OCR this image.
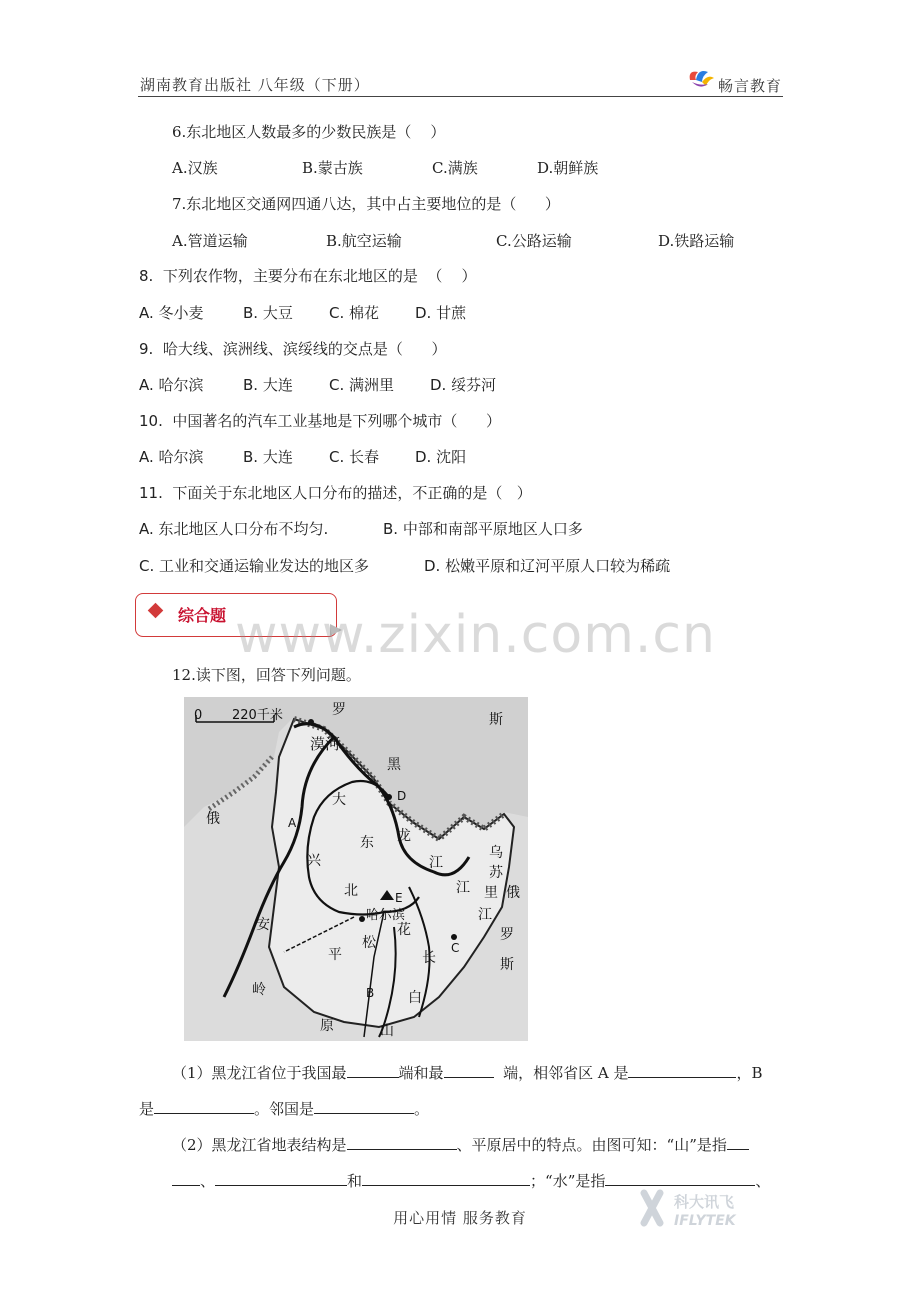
湖南教育出版社 八年级（下册）	畅言教育
6.东北地区人数最多的少数民族是（    ）
A.汉族	B.蒙古族	C.满族	D.朝鲜族
7.东北地区交通网四通八达，其中占主要地位的是（      ）
A.管道运输	B.航空运输	C.公路运输	D.铁路运输
8.  下列农作物，主要分布在东北地区的是  （    ）
A. 冬小麦	B. 大豆 C. 棉花 D. 甘蔗
9.  哈大线、滨洲线、滨绥线的交点是（      ）
A. 哈尔滨	B. 大连 C. 满洲里 D. 绥芬河
10.  中国著名的汽车工业基地是下列哪个城市（      ）
A. 哈尔滨	B. 大连 C. 长春 D. 沈阳
11.  下面关于东北地区人口分布的描述，不正确的是（   ）
A. 东北地区人口分布不均匀.	B. 中部和南部平原地区人口多
C. 工业和交通运输业发达的地区多	D. 松嫩平原和辽河平原人口较为稀疏
综合题 www.zixin.com.cn
12.读下图，回答下列问题。
0 220千米	罗
斯
漠河
黑
D
大
俄	A
东 龙
兴	江
乌
苏
里 俄
江
北	E
江
安
哈尔滨
花	罗
松	C
平	长	斯
岭	B 白
原	山
（1）黑龙江省位于我国最	端和最	端，相邻省区 A 是	，B
是	。邻国是	。
（2）黑龙江省地表结构是	、平原居中的特点。由图可知：“山”是指
、	和	；“水”是指	、
用心用情 服务教育
科大讯飞
IFLYTEK
